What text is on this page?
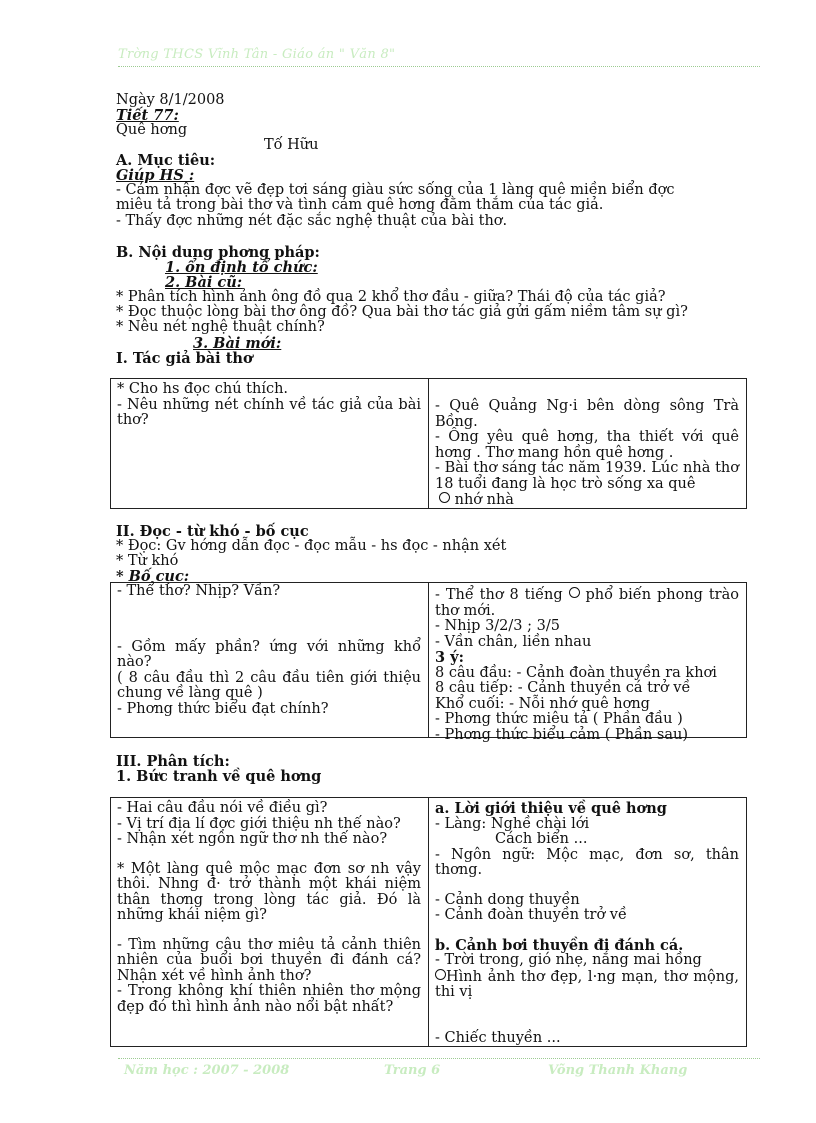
Trờng THCS Vĩnh Tân - Giáo án " Văn 8"
Ngày 8/1/2008
Tiết 77:
Quê hơng
Tố Hữu
A. Mục tiêu:
Giúp HS :
- Cảm nhận đợc vẽ đẹp tơi sáng giàu sức sống của 1 làng quê miền biển đợc
miêu tả trong bài thơ và tình cảm quê hơng đằm thắm của tác giả.
- Thấy đợc những nét đặc sắc nghệ thuật của bài thơ.
B. Nội dung phơng pháp:
1. ổn định tổ chức:
2. Bài cũ:
* Phân tích hình ảnh ông đồ qua 2 khổ thơ đầu - giữa? Thái độ của tác giả?
* Đọc thuộc lòng bài thơ ông đồ? Qua bài thơ tác giả gửi gấm niềm tâm sự gì?
* Nêu nét nghệ thuật chính?
3. Bài mới:
I. Tác giả bài thơ

* Cho hs đọc chú thích.

- Nêu những nét chính về tác giả của bài thơ?

- Quê Quảng Ng·i bên dòng sông Trà Bồng.

- Ông yêu quê hơng, tha thiết với quê hơng . Thơ mang hồn quê hơng .

- Bài thơ sáng tác năm 1939. Lúc nhà thơ 18 tuổi đang là học trò sống xa quê

nhớ nhà

II. Đọc - từ khó - bố cục
* Đọc: Gv hớng dẫn đọc - đọc mẫu - hs đọc - nhận xét
* Từ khó
* Bố cục:

- Thể thơ? Nhịp? Vần?

- Gồm mấy phần? ứng với những khổ nào?

( 8 câu đầu thì 2 câu đầu tiên giới thiệu chung về làng quê )

- Phơng thức biểu đạt chính?

- Thể thơ 8 tiếng phổ biến phong trào thơ mới.

- Nhịp 3/2/3 ; 3/5

- Vần chân, liền nhau

3 ý:

8 câu đầu: - Cảnh đoàn thuyền ra khơi

8 câu tiếp: - Cảnh thuyền cá trở về

Khổ cuối: - Nỗi nhớ quê hơng

- Phơng thức miêu tả ( Phần đầu )

- Phơng thức biểu cảm ( Phần sau)

III. Phân tích:
1. Bức tranh về quê hơng

- Hai câu đầu nói về điều gì?

- Vị trí địa lí đợc giới thiệu nh thế nào?

- Nhận xét ngôn ngữ thơ nh thế nào?

* Một làng quê mộc mạc đơn sơ nh vậy thôi. Nhng đ· trở thành một khái niệm thân thơng trong lòng tác giả. Đó là những khái niệm gì?

- Tìm những câu thơ miêu tả cảnh thiên nhiên của buổi bơi thuyền đi đánh cá? Nhận xét về hình ảnh thơ?

- Trong không khí thiên nhiên thơ mộng đẹp đó thì hình ảnh nào nổi bật nhất?

a. Lời giới thiệu về quê hơng

- Làng: Nghề chài lới

Cách biển ...

- Ngôn ngữ: Mộc mạc, đơn sơ, thân thơng.

- Cảnh dong thuyền

- Cảnh đoàn thuyền trở về

b. Cảnh bơi thuyền đi đánh cá.

- Trời trong, gió nhẹ, nắng mai hồng

Hình ảnh thơ đẹp, l·ng mạn, thơ mộng, thi vị

- Chiếc thuyền ...

Năm học : 2007 - 2008	Trang 6	Võng Thanh Khang
